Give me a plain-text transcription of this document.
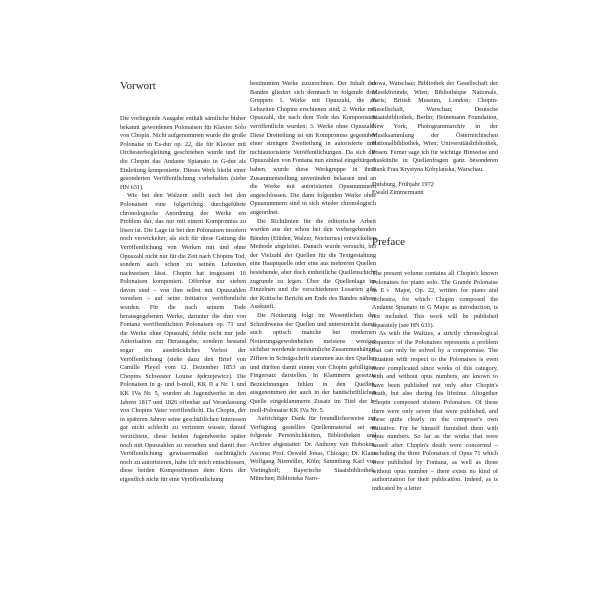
Vorwort

Die vorliegende Ausgabe enthält sämtliche bisher bekannt gewordenen Polonaisen für Klavier Solo von Chopin. Nicht aufgenommen wurde die große Polonaise in Es-dur op. 22, die für Klavier mit Orchesterbegleitung geschrieben wurde und für die Chopin das Andante Spianato in G-dur als Einleitung komponierte. Dieses Werk bleibt einer gesonderten Veröffentlichung vorbehalten (siehe HN 631).

Wie bei den Walzern stellt auch bei den Polonaisen eine folgerichtig durchgeführte chronologische Anordnung der Werke ein Problem dar, das nur mit einem Kompromiss zu lösen ist. Die Lage ist bei den Polonaisen insofern noch verwickelter, als sich für diese Gattung die Veröffentlichung von Werken mit und ohne Opuszahl nicht nur für die Zeit nach Chopins Tod, sondern auch schon zu seinen Lebzeiten nachweisen lässt. Chopin hat insgesamt 16 Polonaisen komponiert. Offenbar nur sieben davon sind – von ihm selbst mit Opuszahlen versehen – auf seine Initiative veröffentlicht worden. Für die nach seinem Tode herausgegebenen Werke, darunter die drei von Fontana veröffentlichten Polonaisen op. 71 und die Werke ohne Opuszahl, fehlte nicht nur jede Autorisation zur Herausgabe, sondern bestand sogar ein ausdrückliches Verbot der Veröffentlichung (siehe dazu den Brief von Camille Pleyel vom 12. Dezember 1853 an Chopins Schwester Louise Jędrzejewicz). Die Polonaisen in g- und b-moll, KK II a Nr. 1 und KK IVa Nr. 5, wurden ab Jugendwerke in den Jahren 1817 und 1826 offenbar auf Veranlassung von Chopins Vater veröffentlicht. Da Chopin, der in späteren Jahren seine geschäftlichen Interessen gar nicht schlecht zu vertreten wusste, darauf verzichtete, diese beiden Jugendwerke später noch mit Opuszahlen zu versehen und damit ihre Veröffentlichung gewissermaßen nachträglich noch zu autorisieren, habe ich mich entschlossen, diese beiden Kompositionen dem Kreis der eigentlich nicht für eine Veröffentlichung

bestimmten Werke zuzurechnen. Der Inhalt des Bandes gliedert sich demnach in folgende drei Gruppen: 1. Werke mit Opuszahl, die zu Lebzeiten Chopins erschienen sind; 2. Werke mit Opuszahl, die nach dem Tode des Komponisten veröffentlicht wurden; 3. Werke ohne Opuszahl. Diese Dreiteilung ist ein Kompromiss gegenüber einer strengen Zweiteilung in autorisierte und nichtautorisierte Veröffentlichungen. Da sich die Opuszahlen von Fontana nun einmal eingebürgert haben, wurde diese Werkgruppe in ihrer Zusammenstellung unverändert belassen und an die Werke mit autorisierten Opusnummern angeschlossen. Die dann folgenden Werke ohne Opusnummern sind in sich wieder chronologisch angeordnet.

Die Richtlinien für die editorische Arbeit wurden aus der schon bei den vorhergehenden Bänden (Etüden, Walzer, Nocturnes) entwickelten Methode abgeleitet. Danach wurde versucht, bei der Vielzahl der Quellen für die Textgestaltung eine Hauptquelle oder eine aus mehreren Quellen bestehende, aber doch einheitliche Quellenschicht zugrunde zu legen. Über die Quellenlage im Einzelnen und die verschiedenen Lesarten gibt der Kritische Bericht am Ende des Bandes nähere Auskunft.

Die Notierung folgt im Wesentlichen der Schreibweise der Quellen und unterstreicht damit auch optisch manche bei modernen Notierungsgewohnheiten meistens weniger sichtbar werdende tonräumliche Zusammenhänge. Ziffern in Schrägschrift stammen aus den Quellen und dürften damit einem von Chopin gebilligten Fingersatz darstellen. In Klammern gesetzte Bezeichnungen fehlen in den Quellen, ausgenommen der auch in der handschriftlichen Quelle eingeklammerte Zusatz im Titel der b-moll-Polonaise KK IVa Nr. 5.

Aufrichtiger Dank für freundlicherweise zur Verfügung gestelltes Quellenmaterial sei an folgende Persönlichkeiten, Bibliotheken und Archive abgestattet: Dr. Anthony van Hoboken, Ascona; Prof. Oswald Jonas, Chicago; Dr. Klaus Wolfgang Niemöller, Köln; Sammlung Karl von Vietinghoff; Bayerische Staatsbibliothek, München; Biblioteka Naro-

dowa, Warschau; Bibliothek der Gesellschaft der Musikfreunde, Wien; Bibliothèque Nationale, Paris; British Museum, London; Chopin-Gesellschaft, Warschau; Deutsche Staatsbibliothek, Berlin; Heinemann Foundation, New York; Photogrammarchiv in der Musiksammlung der Österreichischen Nationalbibliothek, Wien; Universitätsbibliothek, Posen. Ferner sage ich für wichtige Hinweise und Auskünfte in Quellenfragen ganz besonderen Dank Frau Krystyna Kobylańska, Warschau.

Duisburg, Frühjahr 1972

Ewald Zimmermann

Preface

The present volume contains all Chopin's known Polonaises for piano solo. The Grande Polonaise in E♭ Major, Op. 22, written for piano and orchestra, for which Chopin composed the Andante Spianato in G Major as introduction, is not included. This work will be published separately (see HN 631).

As with the Waltzes, a strictly chronological sequence of the Polonaises represents a problem that can only be solved by a compromise. The situation with respect to the Polonaises is even more complicated since works of this category, with and without opus numbers, are known to have been published not only after Chopin's death, but also during his lifetime. Altogether Chopin composed sixteen Polonaises. Of these there were only seven that were published, and these quite clearly on the composer's own initiative. For he himself furnished them with opus numbers. So far as the works that were issued after Chopin's death were concerned – including the three Polonaises of Opus 71 which were published by Fontana, as well as those without opus number – there exists no kind of authorization for their publication. Indeed, as is indicated by a letter
